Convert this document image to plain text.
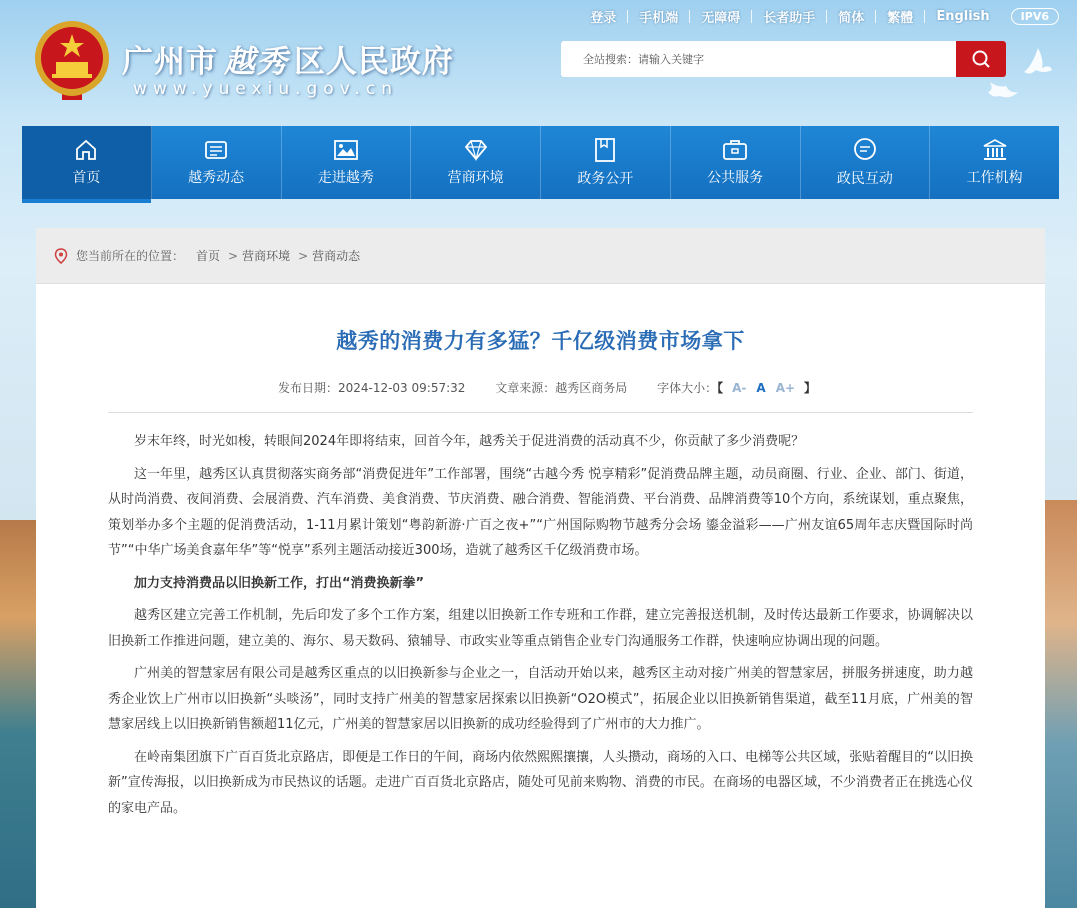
登录	手机端	无障碍	长者助手	简体	繁體	English	IPV6
广州市 越秀 区人民政府
www.yuexiu.gov.cn
全站搜索：请输入关键字
首页	越秀动态	走进越秀	营商环境	政务公开	公共服务	政民互动	工作机构
您当前所在的位置： 首页 > 营商环境 > 营商动态
越秀的消费力有多猛？千亿级消费市场拿下
发布日期：2024-12-03 09:57:32 文章来源：越秀区商务局 字体大小：【 A- A A+ 】

岁末年终，时光如梭，转眼间2024年即将结束，回首今年，越秀关于促进消费的活动真不少，你贡献了多少消费呢？

这一年里，越秀区认真贯彻落实商务部“消费促进年”工作部署，围绕“古越今秀 悦享精彩”促消费品牌主题，动员商圈、行业、企业、部门、街道，从时尚消费、夜间消费、会展消费、汽车消费、美食消费、节庆消费、融合消费、智能消费、平台消费、品牌消费等10个方向，系统谋划，重点聚焦，策划举办多个主题的促消费活动，1-11月累计策划“粤韵新游·广百之夜+”“广州国际购物节越秀分会场 鎏金溢彩——广州友谊65周年志庆暨国际时尚节”“中华广场美食嘉年华”等“悦享”系列主题活动接近300场，造就了越秀区千亿级消费市场。

加力支持消费品以旧换新工作，打出“消费换新拳”

越秀区建立完善工作机制，先后印发了多个工作方案，组建以旧换新工作专班和工作群，建立完善报送机制，及时传达最新工作要求，协调解决以旧换新工作推进问题，建立美的、海尔、易天数码、猿辅导、市政实业等重点销售企业专门沟通服务工作群，快速响应协调出现的问题。

广州美的智慧家居有限公司是越秀区重点的以旧换新参与企业之一，自活动开始以来，越秀区主动对接广州美的智慧家居，拼服务拼速度，助力越秀企业饮上广州市以旧换新“头啖汤”，同时支持广州美的智慧家居探索以旧换新“O2O模式”，拓展企业以旧换新销售渠道，截至11月底，广州美的智慧家居线上以旧换新销售额超11亿元，广州美的智慧家居以旧换新的成功经验得到了广州市的大力推广。

在岭南集团旗下广百百货北京路店，即便是工作日的午间，商场内依然熙熙攘攘，人头攒动，商场的入口、电梯等公共区域，张贴着醒目的“以旧换新”宣传海报，以旧换新成为市民热议的话题。走进广百百货北京路店，随处可见前来购物、消费的市民。在商场的电器区域，不少消费者正在挑选心仪的家电产品。
